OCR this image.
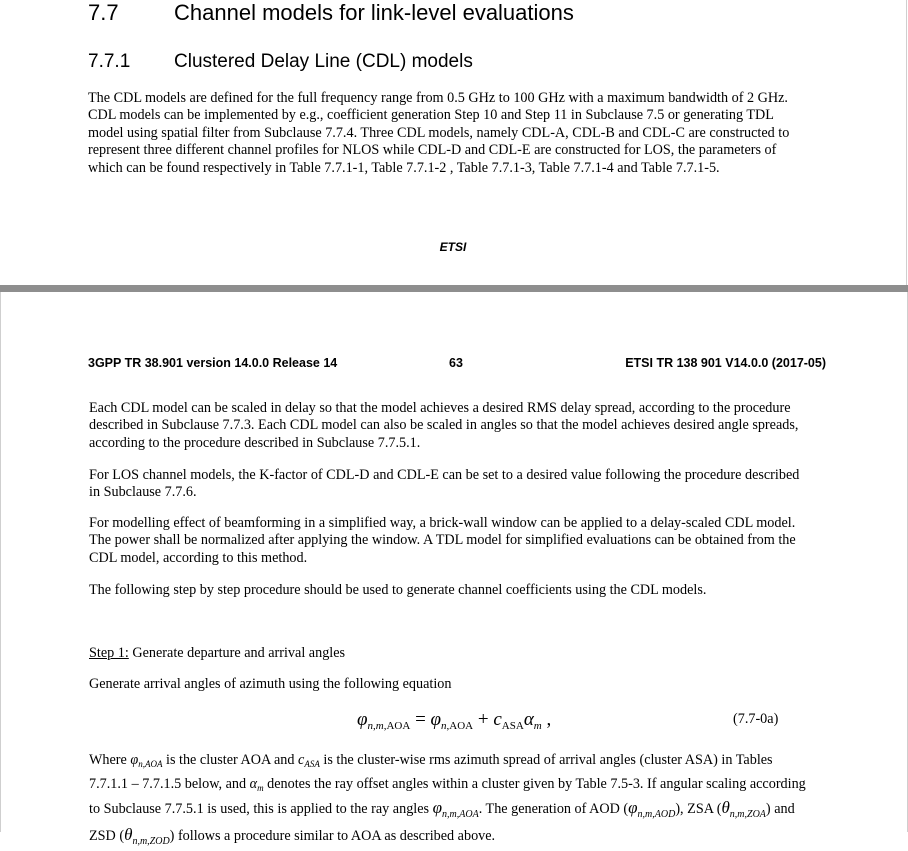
7.7	Channel models for link-level evaluations
7.7.1 Clustered Delay Line (CDL) models

The CDL models are defined for the full frequency range from 0.5 GHz to 100 GHz with a maximum bandwidth of 2 GHz. CDL models can be implemented by e.g., coefficient generation Step 10 and Step 11 in Subclause 7.5 or generating TDL model using spatial filter from Subclause 7.7.4. Three CDL models, namely CDL-A, CDL-B and CDL-C are constructed to represent three different channel profiles for NLOS while CDL-D and CDL-E are constructed for LOS, the parameters of which can be found respectively in Table 7.7.1-1, Table 7.7.1-2 , Table 7.7.1-3, Table 7.7.1-4 and Table 7.7.1-5.

ETSI
3GPP TR 38.901 version 14.0.0 Release 14	63	ETSI TR 138 901 V14.0.0 (2017-05)

Each CDL model can be scaled in delay so that the model achieves a desired RMS delay spread, according to the procedure described in Subclause 7.7.3. Each CDL model can also be scaled in angles so that the model achieves desired angle spreads, according to the procedure described in Subclause 7.7.5.1.

For LOS channel models, the K-factor of CDL-D and CDL-E can be set to a desired value following the procedure described in Subclause 7.7.6.

For modelling effect of beamforming in a simplified way, a brick-wall window can be applied to a delay-scaled CDL model. The power shall be normalized after applying the window. A TDL model for simplified evaluations can be obtained from the CDL model, according to this method.

The following step by step procedure should be used to generate channel coefficients using the CDL models.

Step 1: Generate departure and arrival angles

Generate arrival angles of azimuth using the following equation

$\varphi_{n,m,AOA} = \varphi_{n,AOA} + c_{ASA}\alpha_m$ ,	(7.7-0a)

Where $\varphi_{n,AOA}$ is the cluster AOA and $c_{ASA}$ is the cluster-wise rms azimuth spread of arrival angles (cluster ASA) in Tables 7.7.1.1 – 7.7.1.5 below, and $\alpha_m$ denotes the ray offset angles within a cluster given by Table 7.5-3. If angular scaling according to Subclause 7.7.5.1 is used, this is applied to the ray angles $\varphi_{n,m,AOA}$. The generation of AOD $(\varphi_{n,m,AOD})$, ZSA $(\theta_{n,m,ZOA})$ and ZSD $(\theta_{n,m,ZOD})$ follows a procedure similar to AOA as described above.
